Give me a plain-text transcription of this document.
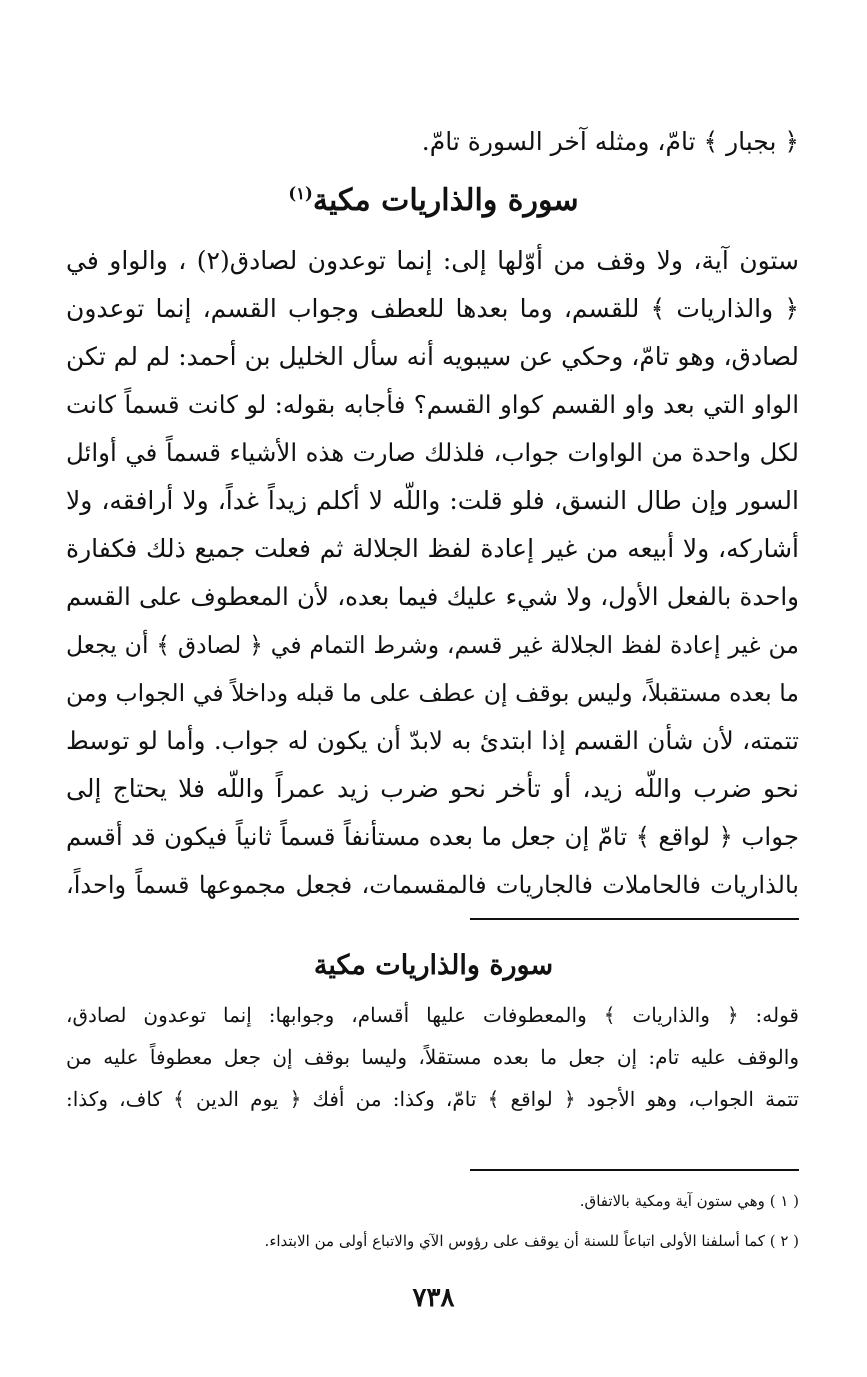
﴿ بجبار ﴾ تامّ، ومثله آخر السورة تامّ.
سورة والذاريات مكية$^{(١)}$
ستون آية، ولا وقف من أوّلها إلى: إنما توعدون لصادق(٢) ، والواو في
﴿ والذاريات ﴾ للقسم، وما بعدها للعطف وجواب القسم، إنما توعدون
لصادق، وهو تامّ، وحكي عن سيبويه أنه سأل الخليل بن أحمد: لم لم تكن
الواو التي بعد واو القسم كواو القسم؟ فأجابه بقوله: لو كانت قسماً كانت
لكل واحدة من الواوات جواب، فلذلك صارت هذه الأشياء قسماً في أوائل
السور وإن طال النسق، فلو قلت: واللّه لا أكلم زيداً غداً، ولا أرافقه، ولا
أشاركه، ولا أبيعه من غير إعادة لفظ الجلالة ثم فعلت جميع ذلك فكفارة
واحدة بالفعل الأول، ولا شيء عليك فيما بعده، لأن المعطوف على القسم
من غير إعادة لفظ الجلالة غير قسم، وشرط التمام في ﴿ لصادق ﴾ أن يجعل
ما بعده مستقبلاً، وليس بوقف إن عطف على ما قبله وداخلاً في الجواب ومن
تتمته، لأن شأن القسم إذا ابتدئ به لابدّ أن يكون له جواب. وأما لو توسط
نحو ضرب واللّه زيد، أو تأخر نحو ضرب زيد عمراً واللّه فلا يحتاج إلى
جواب ﴿ لواقع ﴾ تامّ إن جعل ما بعده مستأنفاً قسماً ثانياً فيكون قد أقسم
بالذاريات فالحاملات فالجاريات فالمقسمات، فجعل مجموعها قسماً واحداً،
سورة والذاريات مكية
قوله: ﴿ والذاريات ﴾ والمعطوفات عليها أقسام، وجوابها: إنما توعدون لصادق،
والوقف عليه تام: إن جعل ما بعده مستقلاً، وليسا بوقف إن جعل معطوفاً عليه من
تتمة الجواب، وهو الأجود ﴿ لواقع ﴾ تامّ، وكذا: من أفك ﴿ يوم الدين ﴾ كاف، وكذا:
( ١ ) وهي ستون آية ومكية بالاتفاق.
( ٢ ) كما أسلفنا الأولى اتباعاً للسنة أن يوقف على رؤوس الآي والاتباع أولى من الابتداء.
٧٣٨
